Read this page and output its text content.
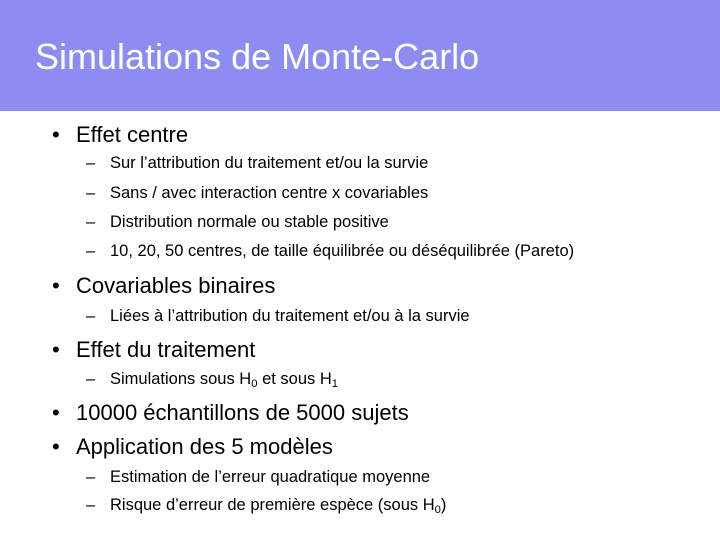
Simulations de Monte-Carlo
• Effet centre
– Sur l’attribution du traitement et/ou la survie
– Sans / avec interaction centre x covariables
– Distribution normale ou stable positive
– 10, 20, 50 centres, de taille équilibrée ou déséquilibrée (Pareto)
• Covariables binaires
– Liées à l’attribution du traitement et/ou à la survie
• Effet du traitement
– Simulations sous $H_0$ et sous $H_1$
• 10000 échantillons de 5000 sujets
• Application des 5 modèles
– Estimation de l’erreur quadratique moyenne
– Risque d’erreur de première espèce (sous $H_0$)
